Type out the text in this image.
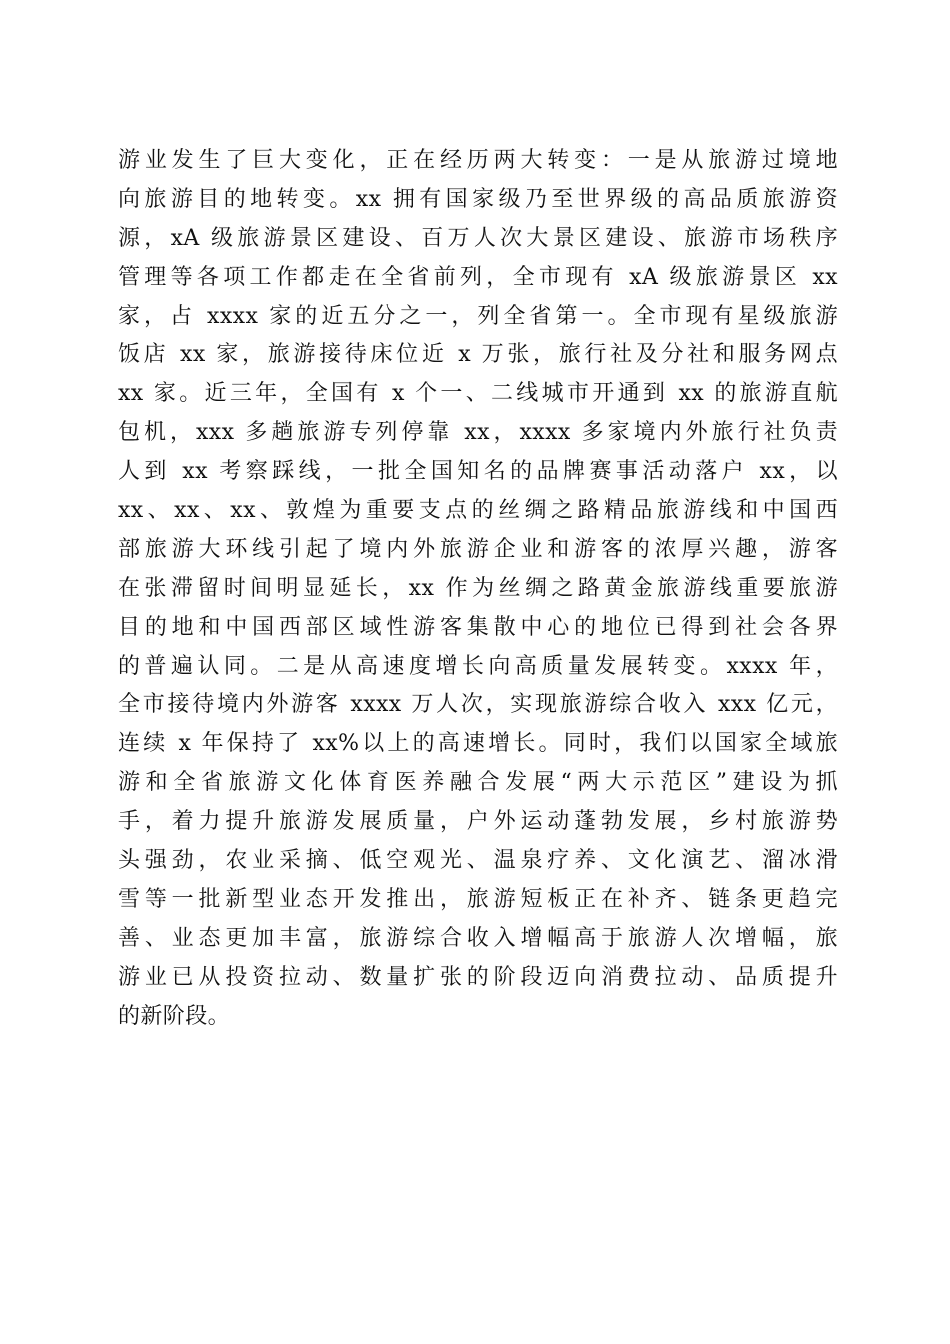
游业发生了巨大变化，正在经历两大转变：一是从旅游过境地
向旅游目的地转变。xx 拥有国家级乃至世界级的高品质旅游资
源，xA 级旅游景区建设、百万人次大景区建设、旅游市场秩序
管理等各项工作都走在全省前列，全市现有 xA 级旅游景区 xx
家，占 xxxx 家的近五分之一，列全省第一。全市现有星级旅游
饭店 xx 家，旅游接待床位近 x 万张，旅行社及分社和服务网点
xx 家。近三年，全国有 x 个一、二线城市开通到 xx 的旅游直航
包机，xxx 多趟旅游专列停靠 xx，xxxx 多家境内外旅行社负责
人到 xx 考察踩线，一批全国知名的品牌赛事活动落户 xx，以
xx、xx、xx、敦煌为重要支点的丝绸之路精品旅游线和中国西
部旅游大环线引起了境内外旅游企业和游客的浓厚兴趣，游客
在张滞留时间明显延长，xx 作为丝绸之路黄金旅游线重要旅游
目的地和中国西部区域性游客集散中心的地位已得到社会各界
的普遍认同。二是从高速度增长向高质量发展转变。xxxx 年，
全市接待境内外游客 xxxx 万人次，实现旅游综合收入 xxx 亿元，
连续 x 年保持了 xx%以上的高速增长。同时，我们以国家全域旅
游和全省旅游文化体育医养融合发展“两大示范区”建设为抓
手，着力提升旅游发展质量，户外运动蓬勃发展，乡村旅游势
头强劲，农业采摘、低空观光、温泉疗养、文化演艺、溜冰滑
雪等一批新型业态开发推出，旅游短板正在补齐、链条更趋完
善、业态更加丰富，旅游综合收入增幅高于旅游人次增幅，旅
游业已从投资拉动、数量扩张的阶段迈向消费拉动、品质提升
的新阶段。
